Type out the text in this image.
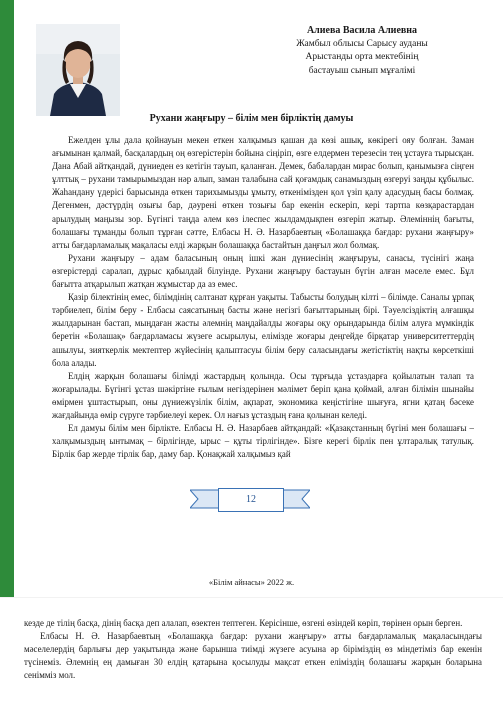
Алиева Васила Алиевна
Жамбыл облысы Сарысу ауданы
Арыстанды орта мектебінің
бастауыш сынып мұғалімі
Рухани жаңғыру – білім мен бірліктің дамуы

Ежелден ұлы дала қойнауын мекен еткен халқымыз қашан да көзі ашық, көкірегі ояу болған. Заман ағымынан қалмай, басқалардың оң өзгерістерін бойына сіңіріп, өзге елдермен терезесін тең ұстауға тырысқан. Дана Абай айтқандай, дүниеден ез кетігін тауып, қаланған. Демек, бабалардан мирас болып, қанымызға сіңген ұлттық – рухани тамырымыздан нәр алып, заман талабына сай қоғамдық санамыздың өзгеруі заңды құбылыс. Жаһандану үдерісі барысында өткен тарихымызды ұмыту, өткенімізден қол үзіп қалу адасудың басы болмақ. Дегенмен, дәстүрдің озығы бар, дәурені өткен тозығы бар екенін ескеріп, кері тартпа көзқарастардан арылудың маңызы зор. Бүгінгі таңда әлем көз ілеспес жылдамдықпен өзгеріп жатыр. Әлеміннің бағыты, болашағы тұманды болып тұрған сәтте, Елбасы Н. Ә. Назарбаевтың «Болашаққа бағдар: рухани жаңғыру» атты бағдарламалық мақаласы елді жарқын болашаққа бастайтын даңғыл жол болмақ.

Рухани жаңғыру – адам баласының оның ішкі жан дүниесінің жаңғыруы, санасы, түсінігі жаңа өзгерістерді саралап, дұрыс қабылдай білуінде. Рухани жаңғыру бастауын бүгін алған мәселе емес. Бұл бағытта атқарылып жатқан жұмыстар да аз емес.

Қазір білектінің емес, білімдінің салтанат құрған уақыты. Табысты болудың кілті – білімде. Саналы ұрпақ тәрбиелеп, білім беру - Елбасы саясатының басты және негізгі бағыттарының бірі. Тәуелсіздіктің алғашқы жылдарынан бастап, мыңдаған жасты әлемнің маңдайалды жоғары оқу орындарында білім алуға мүмкіндік беретін «Болашақ» бағдарламасы жүзеге асырылуы, елімізде жоғары деңгейде бірқатар университеттердің ашылуы, зияткерлік мектептер жүйесінің қалыптасуы білім беру саласындағы жетістіктің нақты көрсеткіші бола алады.

Елдің жарқын болашағы білімді жастардың қолында. Осы тұрғыда ұстаздарға қойылатын талап та жоғарылады. Бүгінгі ұстаз шәкіртіне ғылым негіздерінен мәлімет беріп қана қоймай, алған білімін шынайы өмірмен ұштастырып, оны дүниежүзілік білім, ақпарат, экономика кеңістігіне шығуға, ягни қатаң бәсеке жағдайында өмір сүруге тәрбиелеуі керек. Ол нағыз ұстаздың ғана қолынан келеді.

Ел дамуы білім мен бірлікте. Елбасы Н. Ә. Назарбаев айтқандай: «Қазақстанның бүгіні мен болашағы – халқымыздың ынтымақ – бірлігінде, ырыс – құты тірлігінде». Бізге керегі бірлік пен ұлтаралық татулық. Бірлік бар жерде тірлік бар, даму бар. Қонақжай халқымыз қай

12
«Білім айнасы» 2022 ж.

кезде де тілің басқа, дінің басқа деп алалап, өзектен тептеген. Керісінше, өзгені өзіндей көріп, төрінен орын берген.

Елбасы Н. Ә. Назарбаевтың «Болашаққа бағдар: рухани жаңғыру» атты бағдарламалық мақаласындағы мәселелердің барлығы дер уақытында және барынша тиімді жүзеге асуына әр біріміздің өз міндетіміз бар екенін түсінеміз. Әлемнің ең дамыған 30 елдің қатарына қосылуды мақсат еткен еліміздің болашағы жарқын боларына сенімміз мол.
